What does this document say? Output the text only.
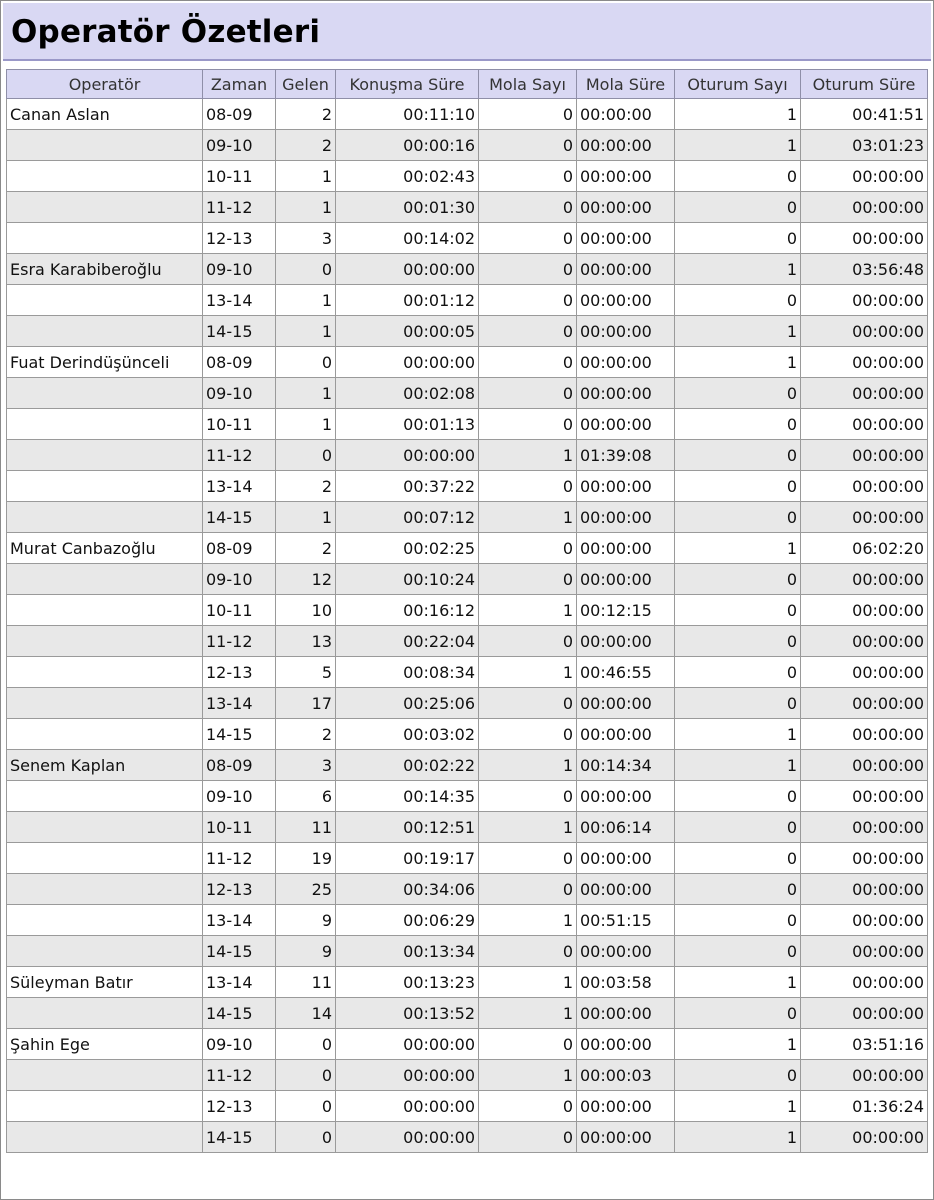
Operatör Özetleri
Operatör	Zaman	Gelen	Konuşma Süre	Mola Sayı	Mola Süre	Oturum Sayı	Oturum Süre
Canan Aslan	08-09	2	00:11:10	0	00:00:00	1	00:41:51
	09-10	2	00:00:16	0	00:00:00	1	03:01:23
	10-11	1	00:02:43	0	00:00:00	0	00:00:00
	11-12	1	00:01:30	0	00:00:00	0	00:00:00
	12-13	3	00:14:02	0	00:00:00	0	00:00:00
Esra Karabiberoğlu	09-10	0	00:00:00	0	00:00:00	1	03:56:48
	13-14	1	00:01:12	0	00:00:00	0	00:00:00
	14-15	1	00:00:05	0	00:00:00	1	00:00:00
Fuat Derindüşünceli	08-09	0	00:00:00	0	00:00:00	1	00:00:00
	09-10	1	00:02:08	0	00:00:00	0	00:00:00
	10-11	1	00:01:13	0	00:00:00	0	00:00:00
	11-12	0	00:00:00	1	01:39:08	0	00:00:00
	13-14	2	00:37:22	0	00:00:00	0	00:00:00
	14-15	1	00:07:12	1	00:00:00	0	00:00:00
Murat Canbazoğlu	08-09	2	00:02:25	0	00:00:00	1	06:02:20
	09-10	12	00:10:24	0	00:00:00	0	00:00:00
	10-11	10	00:16:12	1	00:12:15	0	00:00:00
	11-12	13	00:22:04	0	00:00:00	0	00:00:00
	12-13	5	00:08:34	1	00:46:55	0	00:00:00
	13-14	17	00:25:06	0	00:00:00	0	00:00:00
	14-15	2	00:03:02	0	00:00:00	1	00:00:00
Senem Kaplan	08-09	3	00:02:22	1	00:14:34	1	00:00:00
	09-10	6	00:14:35	0	00:00:00	0	00:00:00
	10-11	11	00:12:51	1	00:06:14	0	00:00:00
	11-12	19	00:19:17	0	00:00:00	0	00:00:00
	12-13	25	00:34:06	0	00:00:00	0	00:00:00
	13-14	9	00:06:29	1	00:51:15	0	00:00:00
	14-15	9	00:13:34	0	00:00:00	0	00:00:00
Süleyman Batır	13-14	11	00:13:23	1	00:03:58	1	00:00:00
	14-15	14	00:13:52	1	00:00:00	0	00:00:00
Şahin Ege	09-10	0	00:00:00	0	00:00:00	1	03:51:16
	11-12	0	00:00:00	1	00:00:03	0	00:00:00
	12-13	0	00:00:00	0	00:00:00	1	01:36:24
	14-15	0	00:00:00	0	00:00:00	1	00:00:00
